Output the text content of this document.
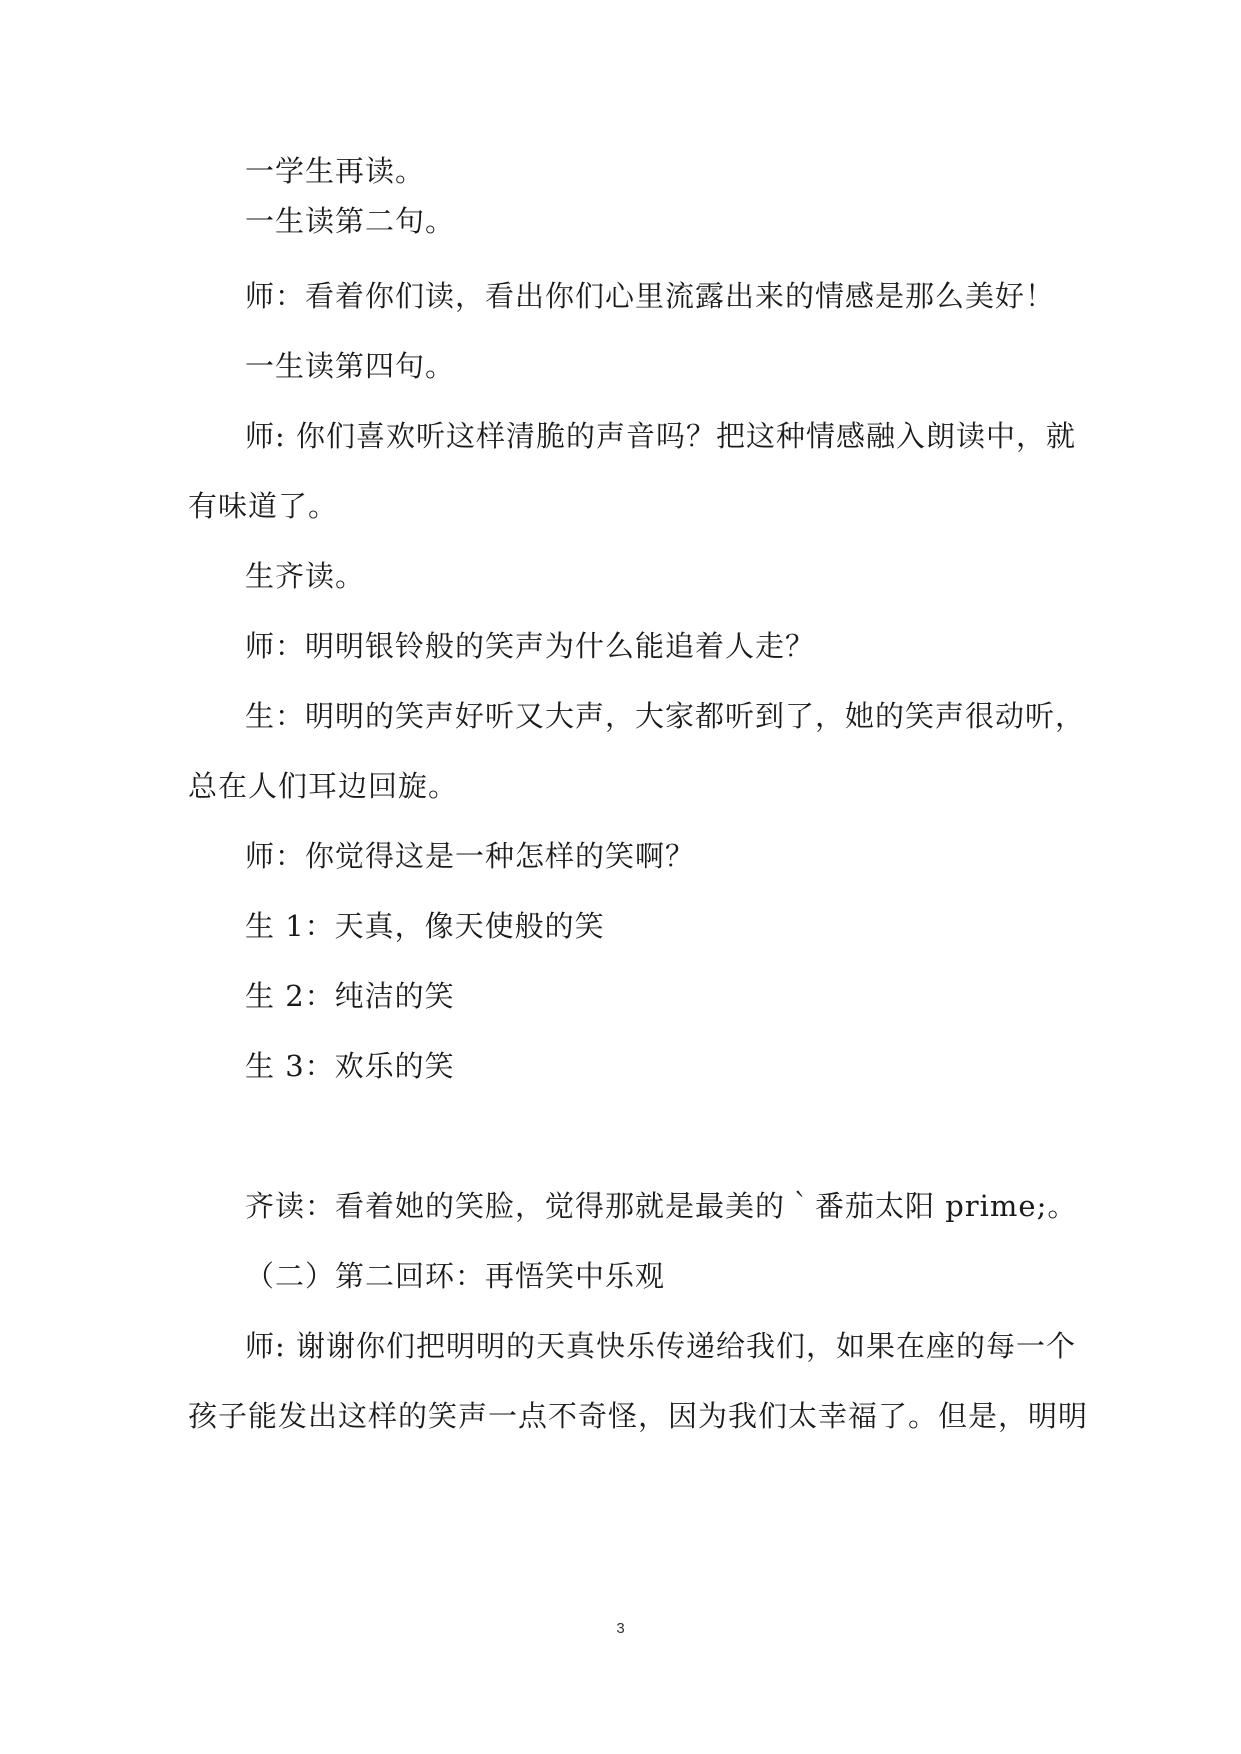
一学生再读。
一生读第二句。
师：看着你们读，看出你们心里流露出来的情感是那么美好！
一生读第四句。
师: 你们喜欢听这样清脆的声音吗？把这种情感融入朗读中，就
有味道了。
生齐读。
师：明明银铃般的笑声为什么能追着人走？
生：明明的笑声好听又大声，大家都听到了，她的笑声很动听，
总在人们耳边回旋。
师：你觉得这是一种怎样的笑啊？
生 1：天真，像天使般的笑
生 2：纯洁的笑
生 3：欢乐的笑
齐读：看着她的笑脸，觉得那就是最美的｀番茄太阳 prime;。
（二）第二回环：再悟笑中乐观
师: 谢谢你们把明明的天真快乐传递给我们，如果在座的每一个
孩子能发出这样的笑声一点不奇怪，因为我们太幸福了。但是，明明
3
